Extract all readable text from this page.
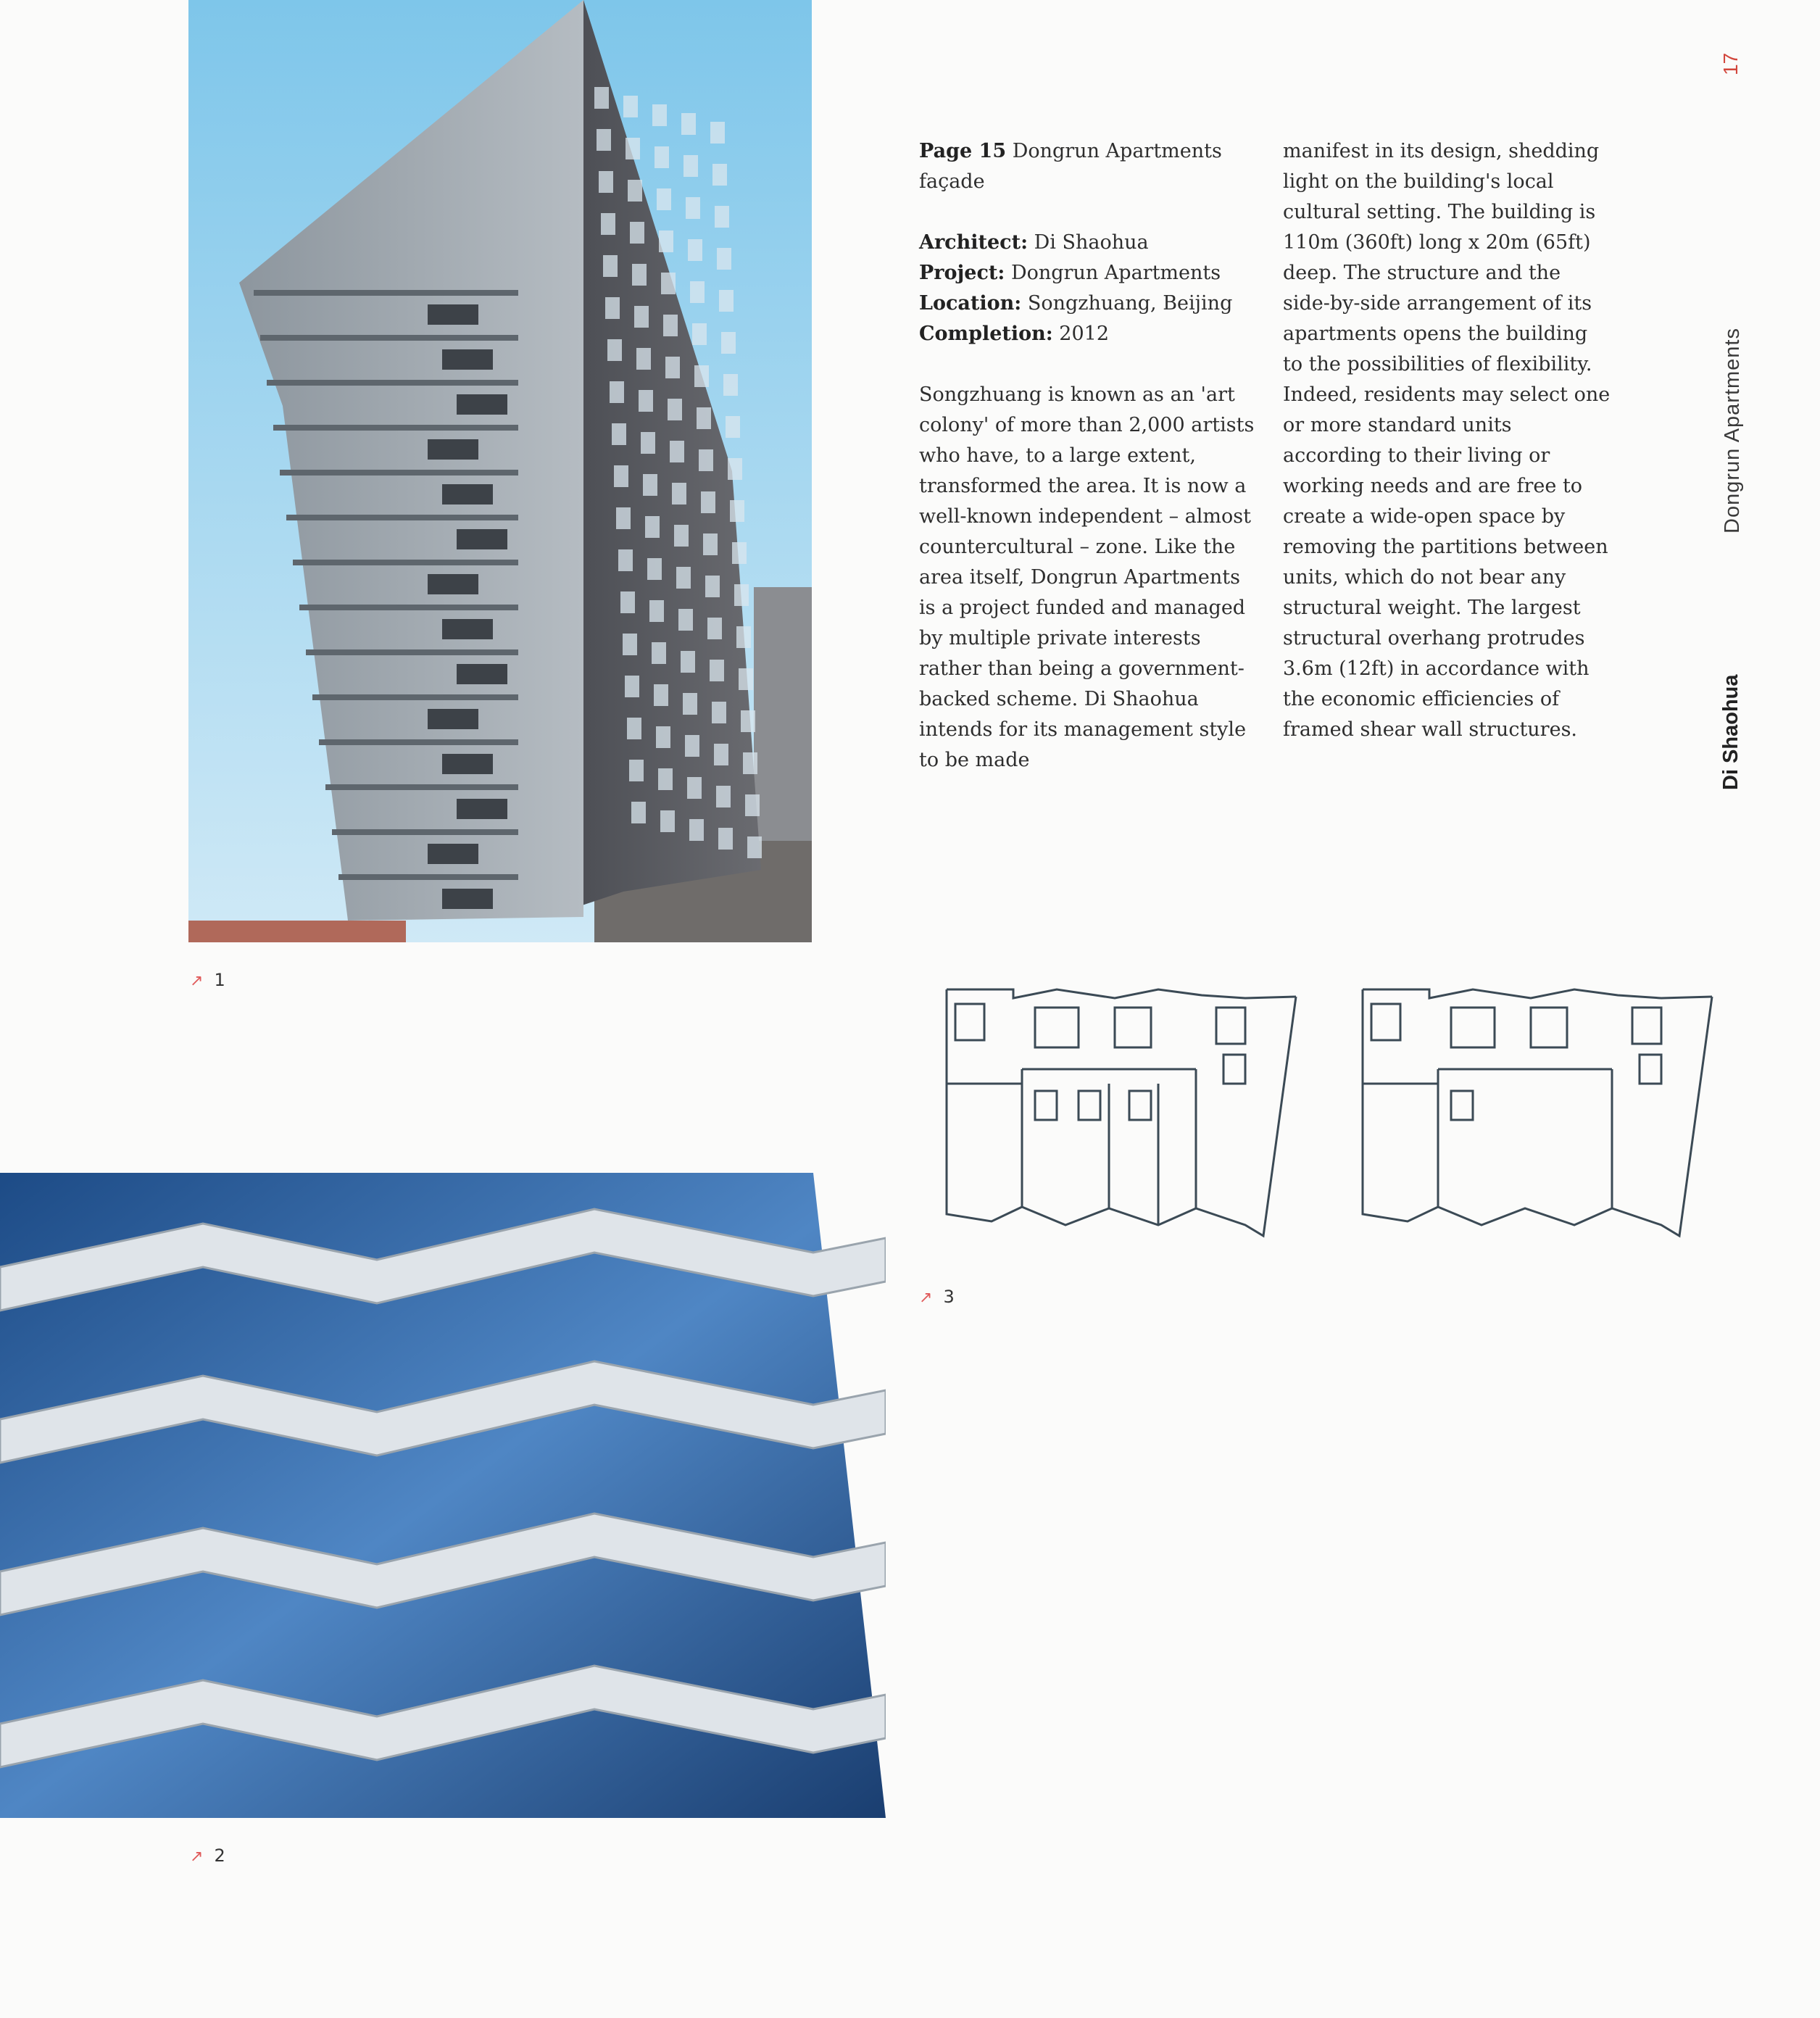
↗ 1
↗ 2

Page 15 Dongrun Apartments façade

Architect: Di Shaohua
Project: Dongrun Apartments
Location: Songzhuang, Beijing
Completion: 2012

Songzhuang is known as an 'art colony' of more than 2,000 artists who have, to a large extent, transformed the area. It is now a well-known independent – almost countercultural – zone. Like the area itself, Dongrun Apartments is a project funded and managed by multiple private interests rather than being a government-backed scheme. Di Shaohua intends for its management style to be made

manifest in its design, shedding light on the building's local cultural setting. The building is 110m (360ft) long x 20m (65ft) deep. The structure and the side-by-side arrangement of its apartments opens the building to the possibilities of flexibility. Indeed, residents may select one or more standard units according to their living or working needs and are free to create a wide-open space by removing the partitions between units, which do not bear any structural weight. The largest structural overhang protrudes 3.6m (12ft) in accordance with the economic efficiencies of framed shear wall structures.

↗ 3
17
Dongrun Apartments
Di Shaohua
